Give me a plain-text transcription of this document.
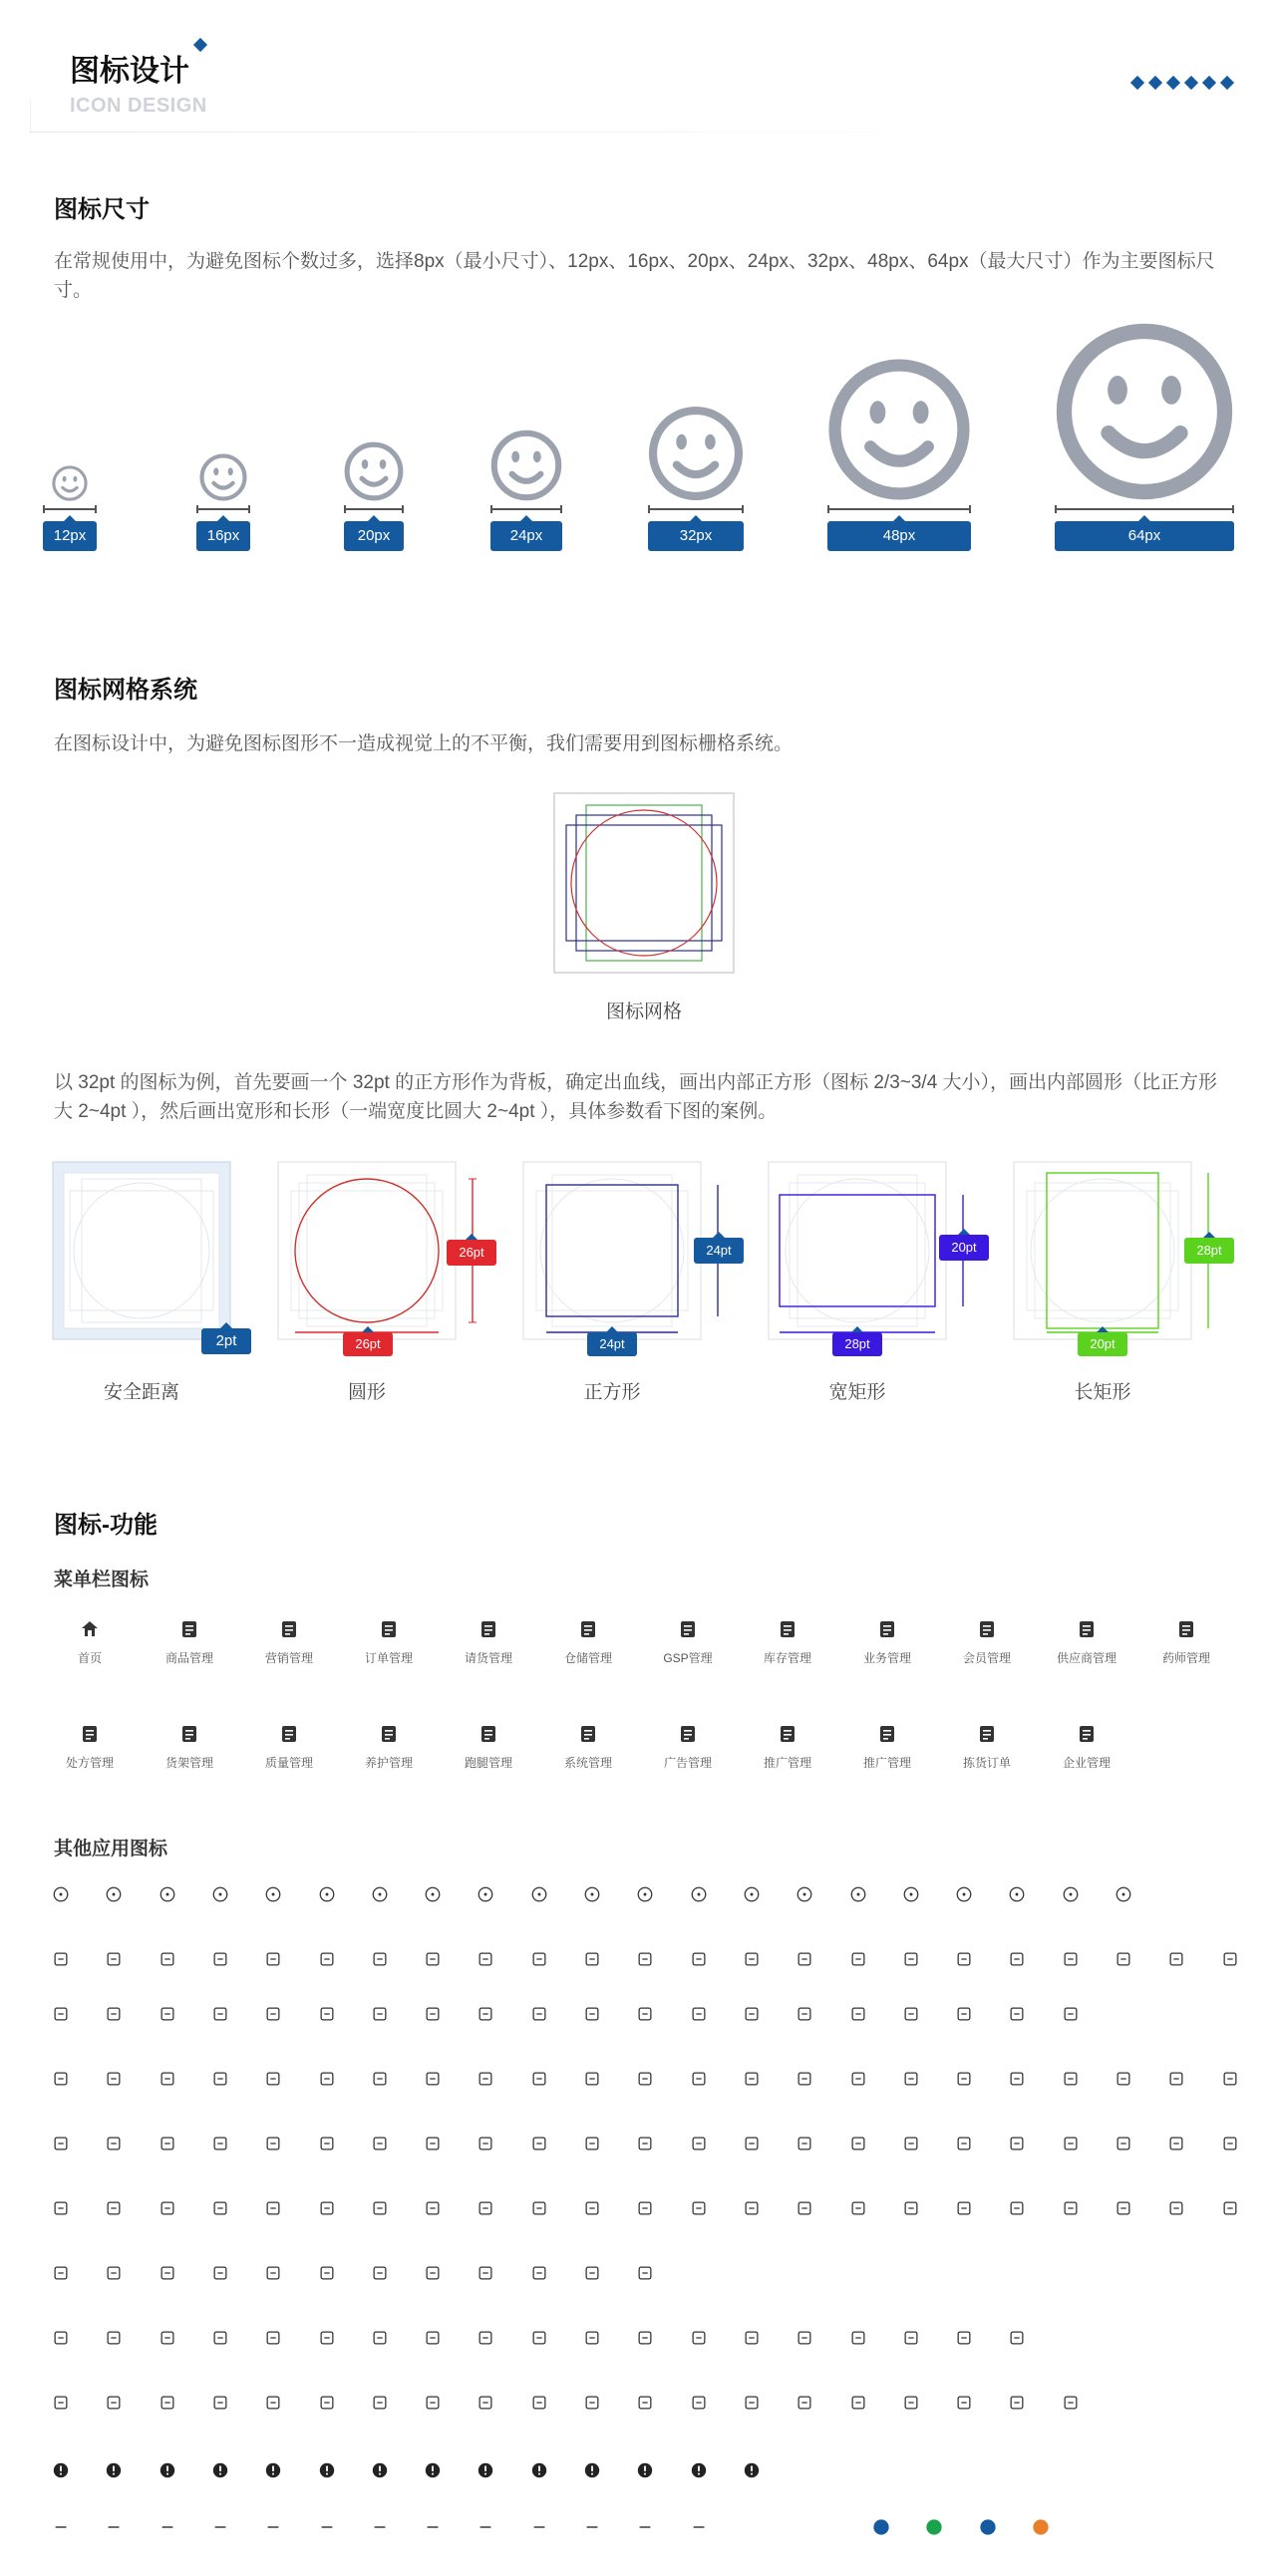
图标设计
ICON DESIGN
图标尺寸
在常规使用中，为避免图标个数过多，选择8px（最小尺寸）、12px、16px、20px、24px、32px、48px、64px（最大尺寸）作为主要图标尺寸。
12px	16px	20px	24px	32px	48px	64px
图标网格系统
在图标设计中，为避免图标图形不一造成视觉上的不平衡，我们需要用到图标栅格系统。
图标网格
以 32pt 的图标为例，首先要画一个 32pt 的正方形作为背板，确定出血线，画出内部正方形（图标 2/3~3/4 大小），画出内部圆形（比正方形大 2~4pt ），然后画出宽形和长形（一端宽度比圆大 2~4pt ），具体参数看下图的案例。
2pt
安全距离
26pt
26pt
圆形
24pt
24pt
正方形
20pt
28pt
宽矩形
28pt
20pt
长矩形
图标-功能
菜单栏图标
首页	商品管理	营销管理	订单管理	请货管理	仓储管理	GSP管理	库存管理	业务管理	会员管理	供应商管理	药师管理
处方管理	货架管理	质量管理	养护管理	跑腿管理	系统管理	广告管理	推广管理	推广管理	拣货订单	企业管理
其他应用图标
